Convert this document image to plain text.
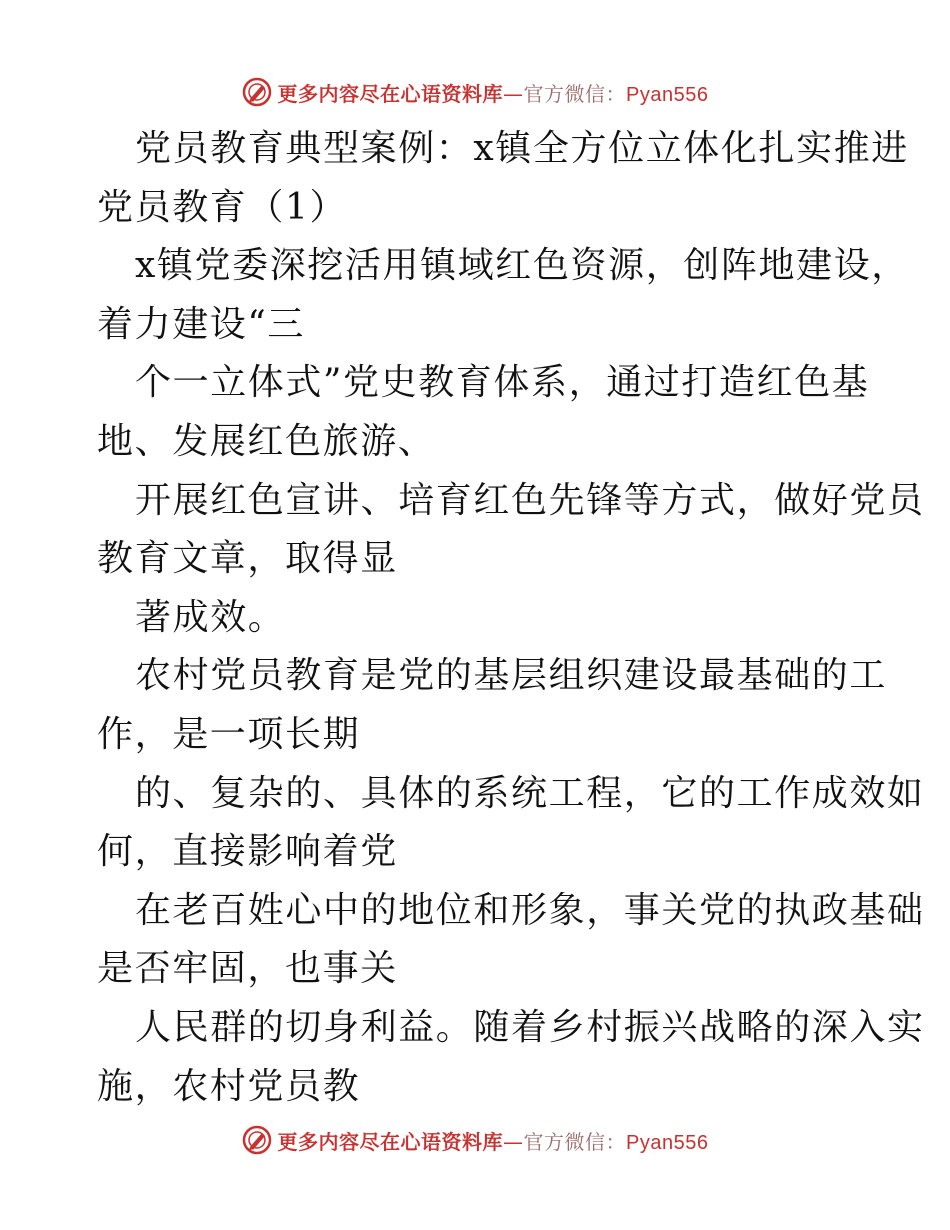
更多内容尽在心语资料库—官方微信：Pyan556
党员教育典型案例：x镇全方位立体化扎实推进
党员教育（1）
x镇党委深挖活用镇域红色资源，创阵地建设，
着力建设“三
个一立体式”党史教育体系，通过打造红色基
地、发展红色旅游、
开展红色宣讲、培育红色先锋等方式，做好党员
教育文章，取得显
著成效。
农村党员教育是党的基层组织建设最基础的工
作，是一项长期
的、复杂的、具体的系统工程，它的工作成效如
何，直接影响着党
在老百姓心中的地位和形象，事关党的执政基础
是否牢固，也事关
人民群的切身利益。随着乡村振兴战略的深入实
施，农村党员教
更多内容尽在心语资料库—官方微信：Pyan556
